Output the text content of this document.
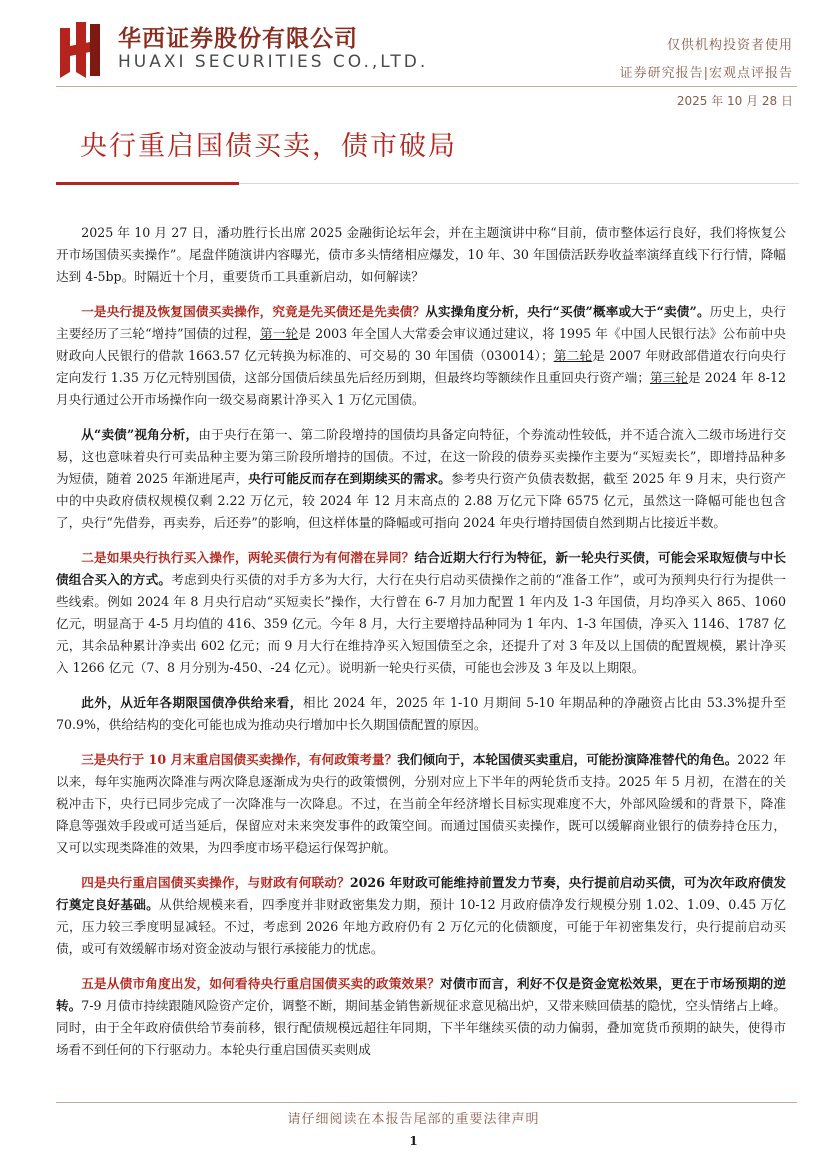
华西证券股份有限公司
HUAXI SECURITIES CO.,LTD.
仅供机构投资者使用
证券研究报告|宏观点评报告
2025 年 10 月 28 日
央行重启国债买卖，债市破局

2025 年 10 月 27 日，潘功胜行长出席 2025 金融街论坛年会，并在主题演讲中称“目前，债市整体运行良好，我们将恢复公开市场国债买卖操作”。尾盘伴随演讲内容曝光，债市多头情绪相应爆发，10 年、30 年国债活跃券收益率演绎直线下行行情，降幅达到 4-5bp。时隔近十个月，重要货币工具重新启动，如何解读？

一是央行提及恢复国债买卖操作，究竟是先买债还是先卖债？从实操角度分析，央行“买债”概率或大于“卖债”。历史上，央行主要经历了三轮“增持”国债的过程，第一轮是 2003 年全国人大常委会审议通过建议，将 1995 年《中国人民银行法》公布前中央财政向人民银行的借款 1663.57 亿元转换为标准的、可交易的 30 年国债（030014）；第二轮是 2007 年财政部借道农行向央行定向发行 1.35 万亿元特别国债，这部分国债后续虽先后经历到期，但最终均等额续作且重回央行资产端；第三轮是 2024 年 8-12 月央行通过公开市场操作向一级交易商累计净买入 1 万亿元国债。

从“卖债”视角分析，由于央行在第一、第二阶段增持的国债均具备定向特征，个券流动性较低，并不适合流入二级市场进行交易，这也意味着央行可卖品种主要为第三阶段所增持的国债。不过，在这一阶段的债券买卖操作主要为“买短卖长”，即增持品种多为短债，随着 2025 年渐进尾声，央行可能反而存在到期续买的需求。参考央行资产负债表数据，截至 2025 年 9 月末，央行资产中的中央政府债权规模仅剩 2.22 万亿元，较 2024 年 12 月末高点的 2.88 万亿元下降 6575 亿元，虽然这一降幅可能也包含了，央行“先借券，再卖券，后还券”的影响，但这样体量的降幅或可指向 2024 年央行增持国债自然到期占比接近半数。

二是如果央行执行买入操作，两轮买债行为有何潜在异同？结合近期大行行为特征，新一轮央行买债，可能会采取短债与中长债组合买入的方式。考虑到央行买债的对手方多为大行，大行在央行启动买债操作之前的“准备工作”，或可为预判央行行为提供一些线索。例如 2024 年 8 月央行启动“买短卖长”操作，大行曾在 6-7 月加力配置 1 年内及 1-3 年国债，月均净买入 865、1060 亿元，明显高于 4-5 月均值的 416、359 亿元。今年 8 月，大行主要增持品种同为 1 年内、1-3 年国债，净买入 1146、1787 亿元，其余品种累计净卖出 602 亿元；而 9 月大行在维持净买入短国债至之余，还提升了对 3 年及以上国债的配置规模，累计净买入 1266 亿元（7、8 月分别为-450、-24 亿元）。说明新一轮央行买债，可能也会涉及 3 年及以上期限。

此外，从近年各期限国债净供给来看，相比 2024 年，2025 年 1-10 月期间 5-10 年期品种的净融资占比由 53.3%提升至 70.9%，供给结构的变化可能也成为推动央行增加中长久期国债配置的原因。

三是央行于 10 月末重启国债买卖操作，有何政策考量？我们倾向于，本轮国债买卖重启，可能扮演降准替代的角色。2022 年以来，每年实施两次降准与两次降息逐渐成为央行的政策惯例，分别对应上下半年的两轮货币支持。2025 年 5 月初，在潜在的关税冲击下，央行已同步完成了一次降准与一次降息。不过，在当前全年经济增长目标实现难度不大，外部风险缓和的背景下，降准降息等强效手段或可适当延后，保留应对未来突发事件的政策空间。而通过国债买卖操作，既可以缓解商业银行的债券持仓压力，又可以实现类降准的效果，为四季度市场平稳运行保驾护航。

四是央行重启国债买卖操作，与财政有何联动？2026 年财政可能维持前置发力节奏，央行提前启动买债，可为次年政府债发行奠定良好基础。从供给规模来看，四季度并非财政密集发力期，预计 10-12 月政府债净发行规模分别 1.02、1.09、0.45 万亿元，压力较三季度明显减轻。不过，考虑到 2026 年地方政府仍有 2 万亿元的化债额度，可能于年初密集发行，央行提前启动买债，或可有效缓解市场对资金波动与银行承接能力的忧虑。

五是从债市角度出发，如何看待央行重启国债买卖的政策效果？对债市而言，利好不仅是资金宽松效果，更在于市场预期的逆转。7-9 月债市持续跟随风险资产定价，调整不断，期间基金销售新规征求意见稿出炉，又带来赎回债基的隐忧，空头情绪占上峰。同时，由于全年政府债供给节奏前移，银行配债规模远超往年同期，下半年继续买债的动力偏弱，叠加宽货币预期的缺失，使得市场看不到任何的下行驱动力。本轮央行重启国债买卖则成

请仔细阅读在本报告尾部的重要法律声明
1
